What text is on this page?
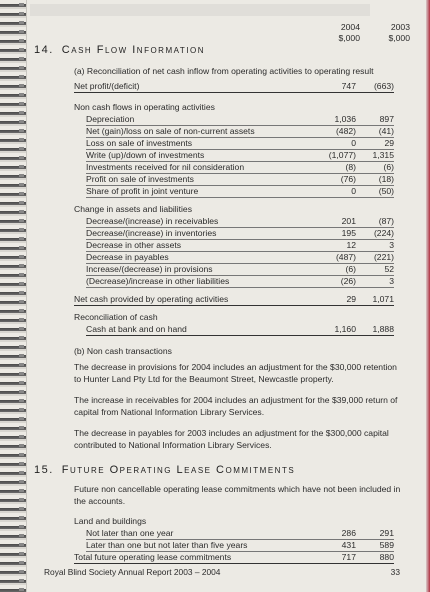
2004	2003
$,000	$,000
14. Cash Flow Information
(a) Reconciliation of net cash inflow from operating activities to operating result
Net profit/(deficit)	747	(663)
Non cash flows in operating activities
Depreciation	1,036	897
Net (gain)/loss on sale of non-current assets	(482)	(41)
Loss on sale of investments	0	29
Write (up)/down of investments	(1,077)	1,315
Investments received for nil consideration	(8)	(6)
Profit on sale of investments	(76)	(18)
Share of profit in joint venture	0	(50)
Change in assets and liabilities
Decrease/(increase) in receivables	201	(87)
Decrease/(increase) in inventories	195	(224)
Decrease in other assets	12	3
Decrease in payables	(487)	(221)
Increase/(decrease) in provisions	(6)	52
(Decrease)/increase in other liabilities	(26)	3
Net cash provided by operating activities	29	1,071
Reconciliation of cash
Cash at bank and on hand	1,160	1,888
(b) Non cash transactions
The decrease in provisions for 2004 includes an adjustment for the $30,000 retention to Hunter Land Pty Ltd for the Beaumont Street, Newcastle property.
The increase in receivables for 2004 includes an adjustment for the $39,000 return of capital from National Information Library Services.
The decrease in payables for 2003 includes an adjustment for the $300,000 capital contributed to National Information Library Services.
15. Future Operating Lease Commitments
Future non cancellable operating lease commitments which have not been included in the accounts.
Land and buildings
Not later than one year	286	291
Later than one but not later than five years	431	589
Total future operating lease commitments	717	880
Royal Blind Society Annual Report 2003 – 2004	33
